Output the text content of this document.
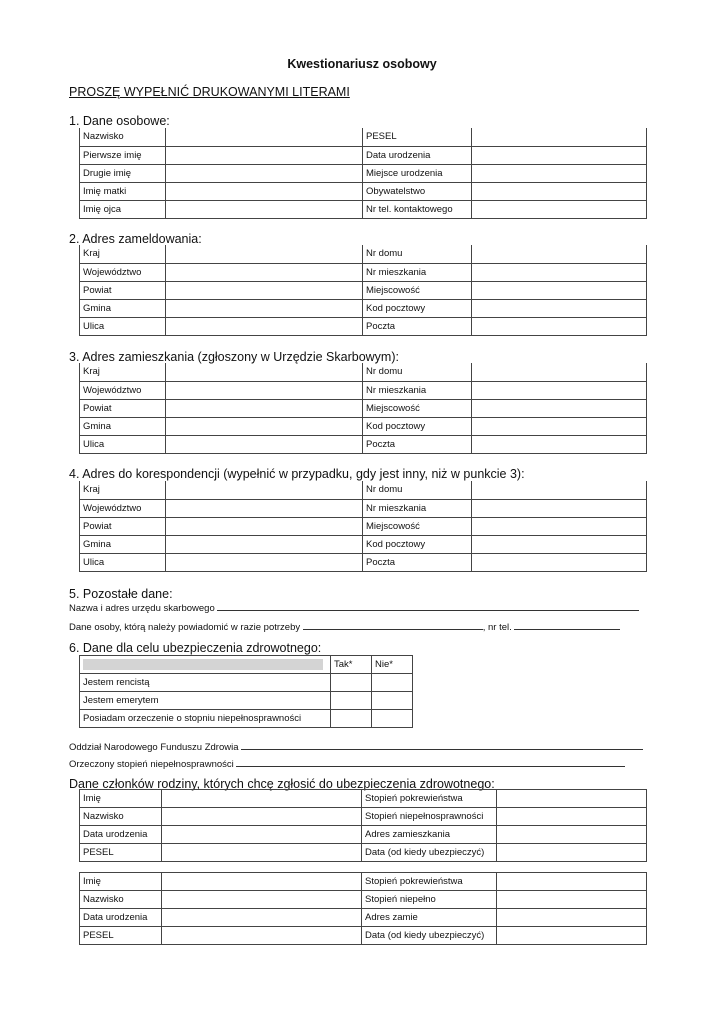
Kwestionariusz osobowy
PROSZĘ WYPEŁNIĆ DRUKOWANYMI LITERAMI
1. Dane osobowe:
Nazwisko		PESEL	
Pierwsze imię		Data urodzenia	
Drugie imię		Miejsce urodzenia	
Imię matki		Obywatelstwo	
Imię ojca		Nr tel. kontaktowego	
2. Adres zameldowania:
Kraj		Nr domu	
Województwo		Nr mieszkania	
Powiat		Miejscowość	
Gmina		Kod pocztowy	
Ulica		Poczta	
3. Adres zamieszkania (zgłoszony w Urzędzie Skarbowym):
Kraj		Nr domu	
Województwo		Nr mieszkania	
Powiat		Miejscowość	
Gmina		Kod pocztowy	
Ulica		Poczta	
4. Adres do korespondencji (wypełnić w przypadku, gdy jest inny, niż w punkcie 3):
Kraj		Nr domu	
Województwo		Nr mieszkania	
Powiat		Miejscowość	
Gmina		Kod pocztowy	
Ulica		Poczta	
5. Pozostałe dane:
Nazwa i adres urzędu skarbowego
Dane osoby, którą należy powiadomić w razie potrzeby	, nr tel.
6. Dane dla celu ubezpieczenia zdrowotnego:
	Tak*	Nie*
Jestem rencistą		
Jestem emerytem		
Posiadam orzeczenie o stopniu niepełnosprawności		
Oddział Narodowego Funduszu Zdrowia
Orzeczony stopień niepełnosprawności
Dane członków rodziny, których chcę zgłosić do ubezpieczenia zdrowotnego:
Imię		Stopień pokrewieństwa	
Nazwisko		Stopień niepełnosprawności	
Data urodzenia		Adres zamieszkania	
PESEL		Data (od kiedy ubezpieczyć)	
Imię		Stopień pokrewieństwa	
Nazwisko		Stopień niepełno	
Data urodzenia		Adres zamie	
PESEL		Data (od kiedy ubezpieczyć)	
